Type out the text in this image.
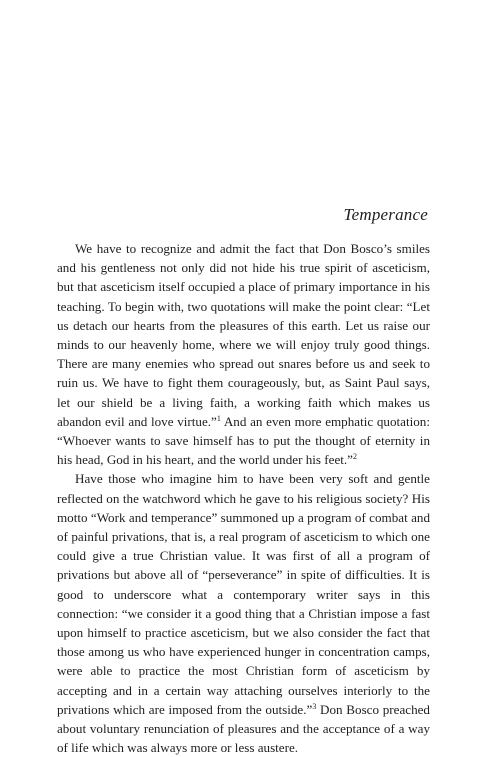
Temperance

We have to recognize and admit the fact that Don Bosco’s smiles and his gentleness not only did not hide his true spirit of asceticism, but that asceticism itself occupied a place of primary importance in his teaching. To begin with, two quotations will make the point clear: “Let us detach our hearts from the pleasures of this earth. Let us raise our minds to our heavenly home, where we will enjoy truly good things. There are many enemies who spread out snares before us and seek to ruin us. We have to fight them courageously, but, as Saint Paul says, let our shield be a living faith, a working faith which makes us abandon evil and love virtue.”$^1$ And an even more emphatic quotation: “Whoever wants to save himself has to put the thought of eternity in his head, God in his heart, and the world under his feet.”$^2$

Have those who imagine him to have been very soft and gentle reflected on the watchword which he gave to his religious society? His motto “Work and temperance” summoned up a program of combat and of painful privations, that is, a real program of asceticism to which one could give a true Christian value. It was first of all a program of privations but above all of “perseverance” in spite of difficulties. It is good to underscore what a contemporary writer says in this connection: “we consider it a good thing that a Christian impose a fast upon himself to practice asceticism, but we also consider the fact that those among us who have experienced hunger in concentration camps, were able to practice the most Christian form of asceticism by accepting and in a certain way attaching ourselves interiorly to the privations which are imposed from the outside.”$^3$ Don Bosco preached about voluntary renunciation of pleasures and the acceptance of a way of life which was always more or less austere.
